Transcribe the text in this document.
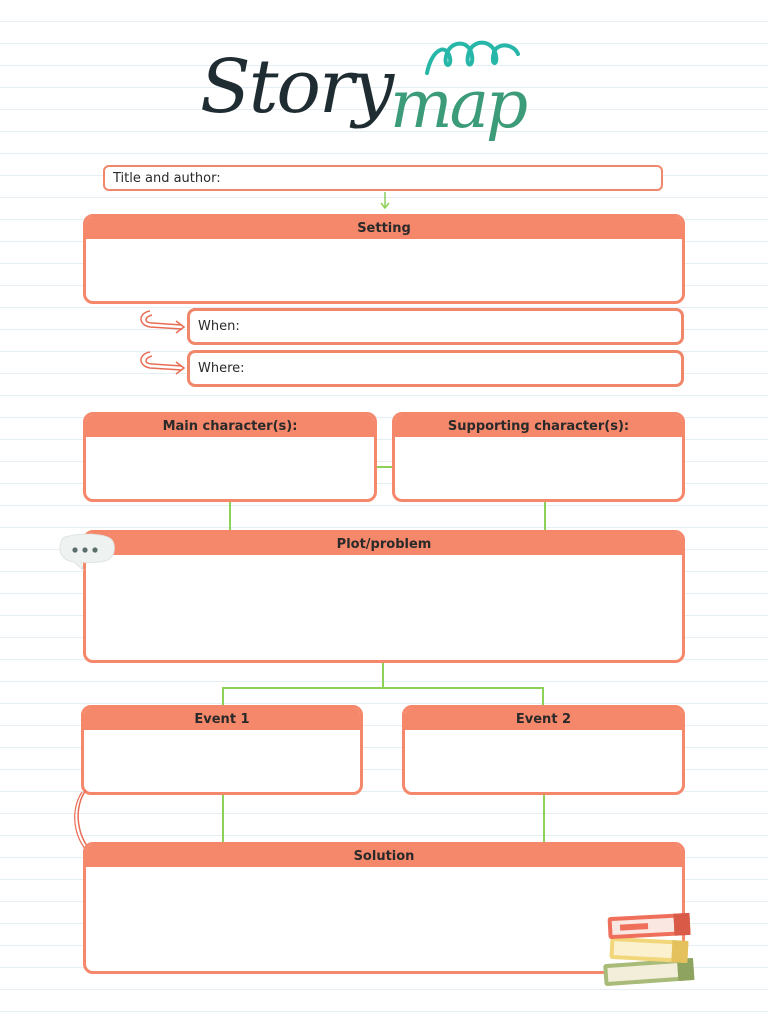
Story
map
Title and author:
Setting
When:
Where:
Main character(s):	Supporting character(s):
Plot/problem
Event 1	Event 2
Solution
